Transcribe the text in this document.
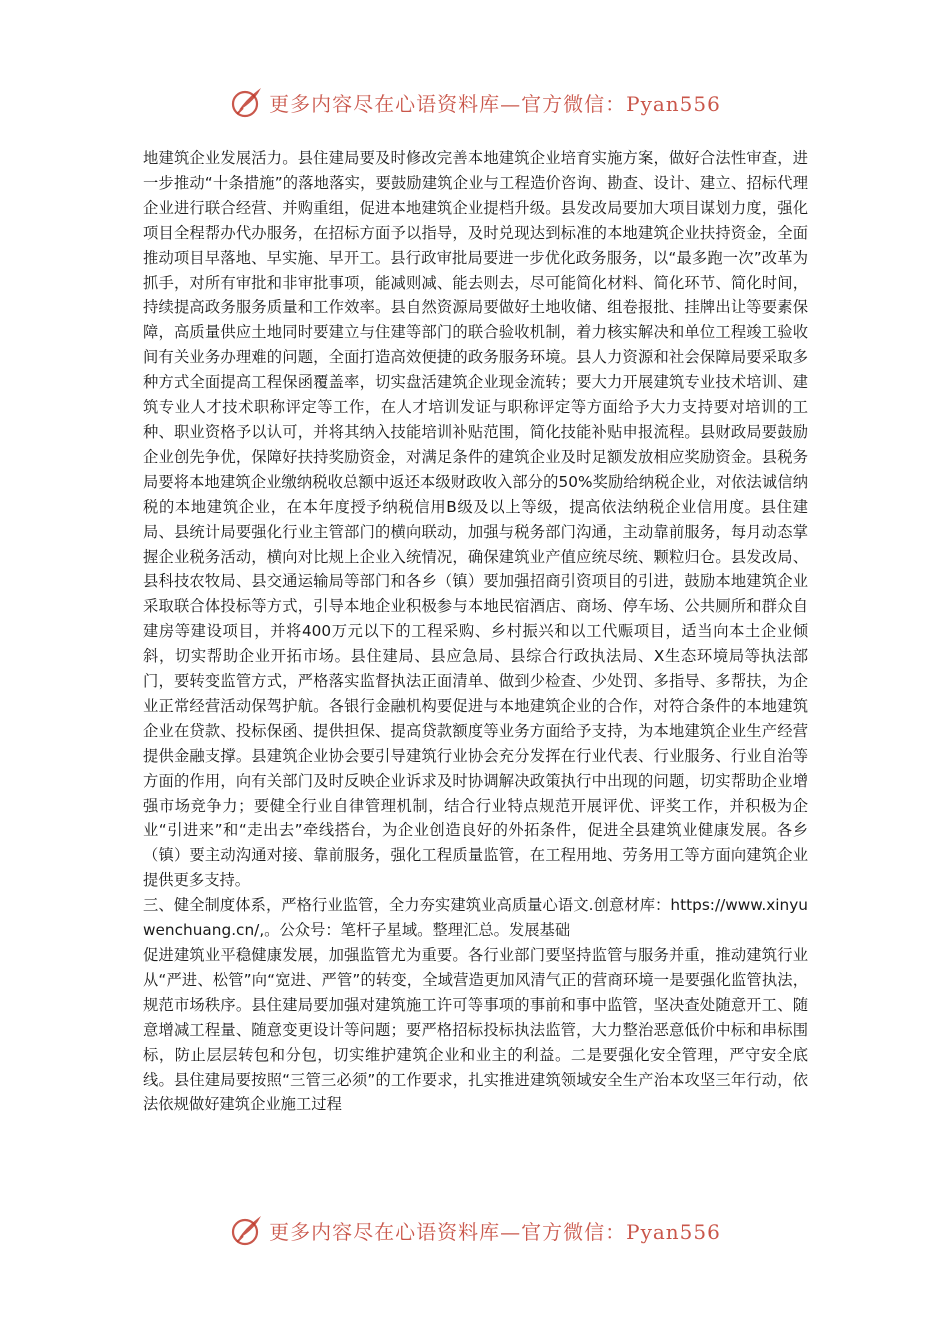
更多内容尽在心语资料库—官方微信：Pyan556

地建筑企业发展活力。县住建局要及时修改完善本地建筑企业培育实施方案，做好合法性审查，进一步推动“十条措施”的落地落实，要鼓励建筑企业与工程造价咨询、勘查、设计、建立、招标代理企业进行联合经营、并购重组，促进本地建筑企业提档升级。县发改局要加大项目谋划力度，强化项目全程帮办代办服务，在招标方面予以指导，及时兑现达到标准的本地建筑企业扶持资金，全面推动项目早落地、早实施、早开工。县行政审批局要进一步优化政务服务，以“最多跑一次”改革为抓手，对所有审批和非审批事项，能减则减、能去则去，尽可能简化材料、简化环节、简化时间，持续提高政务服务质量和工作效率。县自然资源局要做好土地收储、组卷报批、挂牌出让等要素保障，高质量供应土地同时要建立与住建等部门的联合验收机制，着力核实解决和单位工程竣工验收间有关业务办理难的问题，全面打造高效便捷的政务服务环境。县人力资源和社会保障局要采取多种方式全面提高工程保函覆盖率，切实盘活建筑企业现金流转；要大力开展建筑专业技术培训、建筑专业人才技术职称评定等工作，在人才培训发证与职称评定等方面给予大力支持要对培训的工种、职业资格予以认可，并将其纳入技能培训补贴范围，简化技能补贴申报流程。县财政局要鼓励企业创先争优，保障好扶持奖励资金，对满足条件的建筑企业及时足额发放相应奖励资金。县税务局要将本地建筑企业缴纳税收总额中返还本级财政收入部分的50%奖励给纳税企业，对依法诚信纳税的本地建筑企业，在本年度授予纳税信用B级及以上等级，提高依法纳税企业信用度。县住建局、县统计局要强化行业主管部门的横向联动，加强与税务部门沟通，主动靠前服务，每月动态掌握企业税务活动，横向对比规上企业入统情况，确保建筑业产值应统尽统、颗粒归仓。县发改局、县科技农牧局、县交通运输局等部门和各乡（镇）要加强招商引资项目的引进，鼓励本地建筑企业采取联合体投标等方式，引导本地企业积极参与本地民宿酒店、商场、停车场、公共厕所和群众自建房等建设项目，并将400万元以下的工程采购、乡村振兴和以工代赈项目，适当向本土企业倾斜，切实帮助企业开拓市场。县住建局、县应急局、县综合行政执法局、X生态环境局等执法部门，要转变监管方式，严格落实监督执法正面清单、做到少检查、少处罚、多指导、多帮扶，为企业正常经营活动保驾护航。各银行金融机构要促进与本地建筑企业的合作，对符合条件的本地建筑企业在贷款、投标保函、提供担保、提高贷款额度等业务方面给予支持，为本地建筑企业生产经营提供金融支撑。县建筑企业协会要引导建筑行业协会充分发挥在行业代表、行业服务、行业自治等方面的作用，向有关部门及时反映企业诉求及时协调解决政策执行中出现的问题，切实帮助企业增强市场竞争力；要健全行业自律管理机制，结合行业特点规范开展评优、评奖工作，并积极为企业“引进来”和“走出去”牵线搭台，为企业创造良好的外拓条件，促进全县建筑业健康发展。各乡（镇）要主动沟通对接、靠前服务，强化工程质量监管，在工程用地、劳务用工等方面向建筑企业提供更多支持。

三、健全制度体系，严格行业监管，全力夯实建筑业高质量心语文.创意材库：https://www.xinyuwenchuang.cn/,。公众号：笔杆子星域。整理汇总。发展基础

促进建筑业平稳健康发展，加强监管尤为重要。各行业部门要坚持监管与服务并重，推动建筑行业从“严进、松管”向“宽进、严管”的转变，全域营造更加风清气正的营商环境一是要强化监管执法，规范市场秩序。县住建局要加强对建筑施工许可等事项的事前和事中监管，坚决查处随意开工、随意增减工程量、随意变更设计等问题；要严格招标投标执法监管，大力整治恶意低价中标和串标围标，防止层层转包和分包，切实维护建筑企业和业主的利益。二是要强化安全管理，严守安全底线。县住建局要按照“三管三必须”的工作要求，扎实推进建筑领域安全生产治本攻坚三年行动，依法依规做好建筑企业施工过程

更多内容尽在心语资料库—官方微信：Pyan556
